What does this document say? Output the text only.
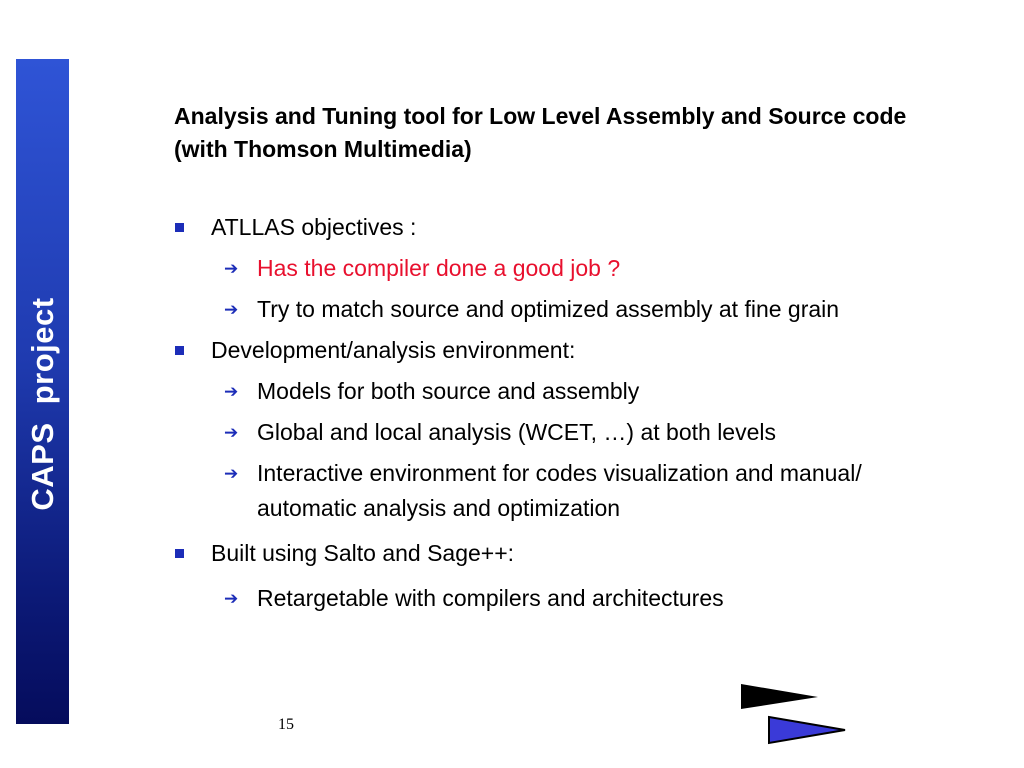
CAPS  project
Analysis and Tuning tool for Low Level Assembly and Source code (with Thomson Multimedia)
ATLLAS objectives :
➔ Has the compiler done a good job ?
➔ Try to match source and optimized assembly at fine grain
Development/analysis environment:
➔ Models for both source and assembly
➔ Global and local analysis (WCET, …) at both levels
➔ Interactive environment for codes visualization and manual/ automatic analysis and optimization
Built using Salto and Sage++:
➔ Retargetable with compilers and architectures
15
